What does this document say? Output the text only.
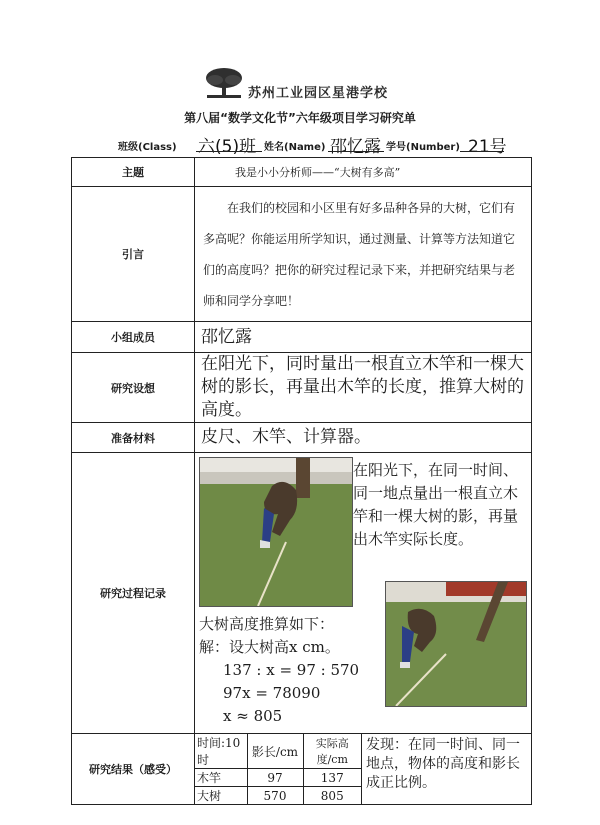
苏州工业园区星港学校
第八届“数学文化节”六年级项目学习研究单
班级(Class) 六(5)班 姓名(Name) 邵忆露 学号(Number) 21号
主题	我是小小分析师——“大树有多高”
引言	在我们的校园和小区里有好多品种各异的大树，它们有多高呢？你能运用所学知识，通过测量、计算等方法知道它们的高度吗？把你的研究过程记录下来，并把研究结果与老师和同学分享吧！
小组成员	邵忆露
研究设想	在阳光下，同时量出一根直立木竿和一棵大树的影长，再量出木竿的长度，推算大树的高度。
准备材料	皮尺、木竿、计算器。
研究过程记录	
在阳光下，在同一时间、同一地点量出一根直立木竿和一棵大树的影，再量出木竿实际长度。
大树高度推算如下：
解：设大树高x cm。
137 : x = 97 : 570
97x = 78090
x ≈ 805

研究结果（感受）	
时间:10时	影长/cm	实际高度/cm
木竿	97	137
大树	570	805
	发现：在同一时间、同一地点，物体的高度和影长成正比例。
